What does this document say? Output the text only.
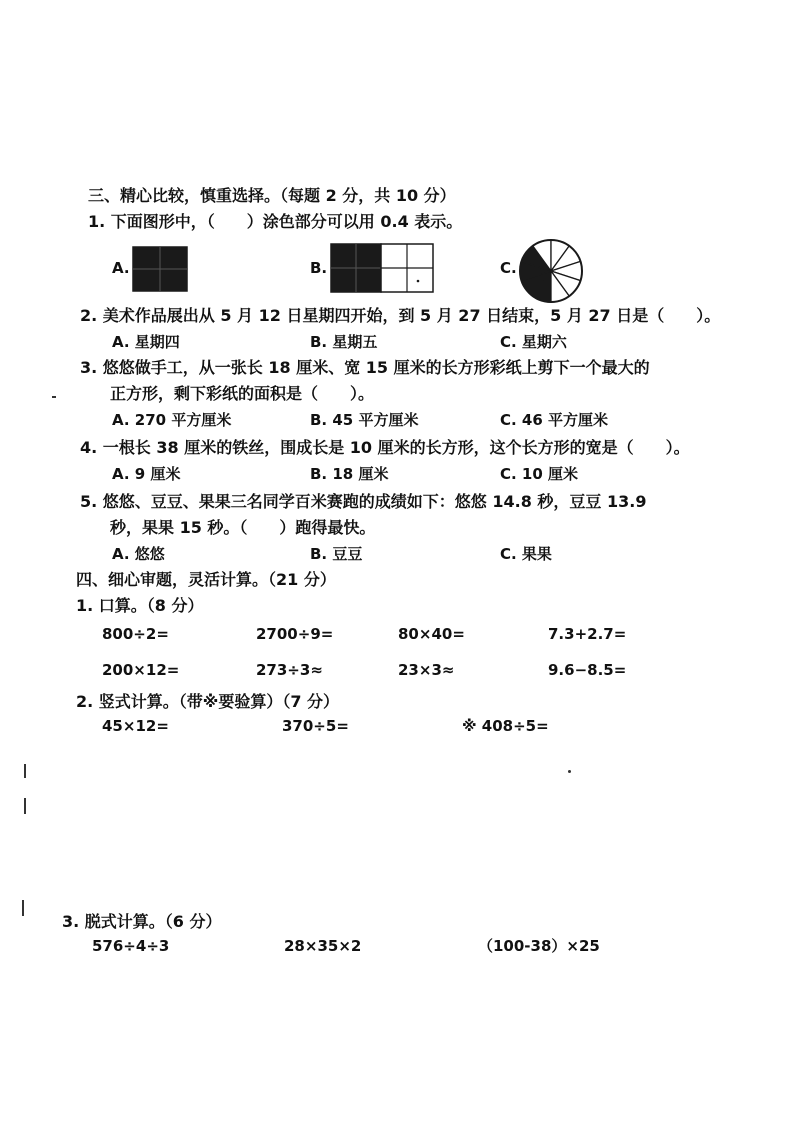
三、精心比较，慎重选择。（每题 2 分，共 10 分）
1. 下面图形中，（　　）涂色部分可以用 0.4 表示。
A.	B.	C.
2. 美术作品展出从 5 月 12 日星期四开始，到 5 月 27 日结束，5 月 27 日是（　　）。
A. 星期四	B. 星期五	C. 星期六
3. 悠悠做手工，从一张长 18 厘米、宽 15 厘米的长方形彩纸上剪下一个最大的
正方形，剩下彩纸的面积是（　　）。
A. 270 平方厘米	B. 45 平方厘米	C. 46 平方厘米
4. 一根长 38 厘米的铁丝，围成长是 10 厘米的长方形，这个长方形的宽是（　　）。
A. 9 厘米	B. 18 厘米	C. 10 厘米
5. 悠悠、豆豆、果果三名同学百米赛跑的成绩如下：悠悠 14.8 秒，豆豆 13.9
秒，果果 15 秒。（　　）跑得最快。
A. 悠悠	B. 豆豆	C. 果果
四、细心审题，灵活计算。（21 分）
1. 口算。（8 分）
800÷2=	2700÷9=	80×40=	7.3+2.7=
200×12=	273÷3≈	23×3≈	9.6−8.5=
2. 竖式计算。（带※要验算）（7 分）
45×12=	370÷5=	※ 408÷5=
3. 脱式计算。（6 分）
576÷4÷3	28×35×2	（100-38）×25
